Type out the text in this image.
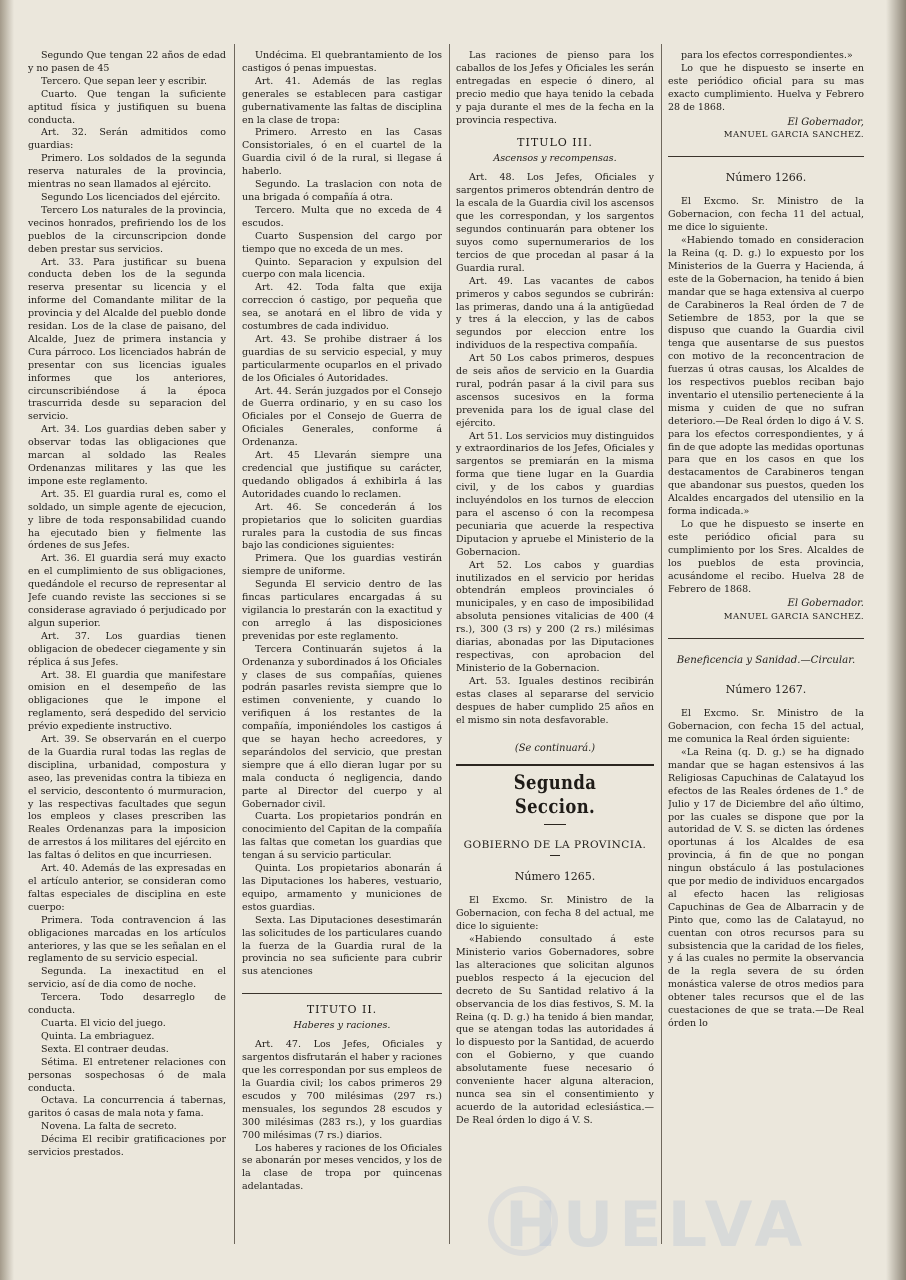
Segundo Que tengan 22 años de edad y no pasen de 45

Tercero. Que sepan leer y escribir.

Cuarto. Que tengan la suficiente aptitud física y justifiquen su buena conducta.

Art. 32. Serán admitidos como guardias:

Primero. Los soldados de la segunda reserva naturales de la provincia, mientras no sean llamados al ejército.

Segundo Los licenciados del ejército.

Tercero Los naturales de la provincia, vecinos honrados, prefiriendo los de los pueblos de la circunscripcion donde deben prestar sus servicios.

Art. 33. Para justificar su buena conducta deben los de la segunda reserva presentar su licencia y el informe del Comandante militar de la provincia y del Alcalde del pueblo donde residan. Los de la clase de paisano, del Alcalde, Juez de primera instancia y Cura párroco. Los licenciados habrán de presentar con sus licencias iguales informes que los anteriores, circunscribiéndose á la época trascurrida desde su separacion del servicio.

Art. 34. Los guardias deben saber y observar todas las obligaciones que marcan al soldado las Reales Ordenanzas militares y las que les impone este reglamento.

Art. 35. El guardia rural es, como el soldado, un simple agente de ejecucion, y libre de toda responsabilidad cuando ha ejecutado bien y fielmente las órdenes de sus Jefes.

Art. 36. El guardia será muy exacto en el cumplimiento de sus obligaciones, quedándole el recurso de representar al Jefe cuando reviste las secciones si se considerase agraviado ó perjudicado por algun superior.

Art. 37. Los guardias tienen obligacion de obedecer ciegamente y sin réplica á sus Jefes.

Art. 38. El guardia que manifestare omision en el desempeño de las obligaciones que le impone el reglamento, será despedido del servicio prévio expediente instructivo.

Art. 39. Se observarán en el cuerpo de la Guardia rural todas las reglas de disciplina, urbanidad, compostura y aseo, las prevenidas contra la tibieza en el servicio, descontento ó murmuracion, y las respectivas facultades que segun los empleos y clases prescriben las Reales Ordenanzas para la imposicion de arrestos á los militares del ejército en las faltas ó delitos en que incurriesen.

Art. 40. Además de las expresadas en el artículo anterior, se consideran como faltas especiales de disciplina en este cuerpo:

Primera. Toda contravencion á las obligaciones marcadas en los artículos anteriores, y las que se les señalan en el reglamento de su servicio especial.

Segunda. La inexactitud en el servicio, así de dia como de noche.

Tercera. Todo desarreglo de conducta.

Cuarta. El vicio del juego.

Quinta. La embriaguez.

Sexta. El contraer deudas.

Sétima. El entretener relaciones con personas sospechosas ó de mala conducta.

Octava. La concurrencia á tabernas, garitos ó casas de mala nota y fama.

Novena. La falta de secreto.

Décima El recibir gratificaciones por servicios prestados.

Undécima. El quebrantamiento de los castigos ó penas impuestas.

Art. 41. Además de las reglas generales se establecen para castigar gubernativamente las faltas de disciplina en la clase de tropa:

Primero. Arresto en las Casas Consistoriales, ó en el cuartel de la Guardia civil ó de la rural, si llegase á haberlo.

Segundo. La traslacion con nota de una brigada ó compañía á otra.

Tercero. Multa que no exceda de 4 escudos.

Cuarto Suspension del cargo por tiempo que no exceda de un mes.

Quinto. Separacion y expulsion del cuerpo con mala licencia.

Art. 42. Toda falta que exija correccion ó castigo, por pequeña que sea, se anotará en el libro de vida y costumbres de cada individuo.

Art. 43. Se prohibe distraer á los guardias de su servicio especial, y muy particularmente ocuparlos en el privado de los Oficiales ó Autoridades.

Art. 44. Serán juzgados por el Consejo de Guerra ordinario, y en su caso los Oficiales por el Consejo de Guerra de Oficiales Generales, conforme á Ordenanza.

Art. 45 Llevarán siempre una credencial que justifique su carácter, quedando obligados á exhibirla á las Autoridades cuando lo reclamen.

Art. 46. Se concederán á los propietarios que lo soliciten guardias rurales para la custodia de sus fincas bajo las condiciones siguientes:

Primera. Que los guardias vestirán siempre de uniforme.

Segunda El servicio dentro de las fincas particulares encargadas á su vigilancia lo prestarán con la exactitud y con arreglo á las disposiciones prevenidas por este reglamento.

Tercera Continuarán sujetos á la Ordenanza y subordinados á los Oficiales y clases de sus compañías, quienes podrán pasarles revista siempre que lo estimen conveniente, y cuando lo verifiquen á los restantes de la compañía, imponiéndoles los castigos á que se hayan hecho acreedores, y separándolos del servicio, que prestan siempre que á ello dieran lugar por su mala conducta ó negligencia, dando parte al Director del cuerpo y al Gobernador civil.

Cuarta. Los propietarios pondrán en conocimiento del Capitan de la compañía las faltas que cometan los guardias que tengan á su servicio particular.

Quinta. Los propietarios abonarán á las Diputaciones los haberes, vestuario, equipo, armamento y municiones de estos guardias.

Sexta. Las Diputaciones desestimarán las solicitudes de los particulares cuando la fuerza de la Guardia rural de la provincia no sea suficiente para cubrir sus atenciones

TITUTO II.
Haberes y raciones.

Art. 47. Los Jefes, Oficiales y sargentos disfrutarán el haber y raciones que les correspondan por sus empleos de la Guardia civil; los cabos primeros 29 escudos y 700 milésimas (297 rs.) mensuales, los segundos 28 escudos y 300 milésimas (283 rs.), y los guardias 700 milésimas (7 rs.) diarios.

Los haberes y raciones de los Oficiales se abonarán por meses vencidos, y los de la clase de tropa por quincenas adelantadas.

Las raciones de pienso para los caballos de los Jefes y Oficiales les serán entregadas en especie ó dinero, al precio medio que haya tenido la cebada y paja durante el mes de la fecha en la provincia respectiva.

TITULO III.
Ascensos y recompensas.

Art. 48. Los Jefes, Oficiales y sargentos primeros obtendrán dentro de la escala de la Guardia civil los ascensos que les correspondan, y los sargentos segundos continuarán para obtener los suyos como supernumerarios de los tercios de que procedan al pasar á la Guardia rural.

Art. 49. Las vacantes de cabos primeros y cabos segundos se cubrirán: las primeras, dando una á la antigüedad y tres á la eleccion, y las de cabos segundos por eleccion entre los individuos de la respectiva compañía.

Art 50 Los cabos primeros, despues de seis años de servicio en la Guardia rural, podrán pasar á la civil para sus ascensos sucesivos en la forma prevenida para los de igual clase del ejército.

Art 51. Los servicios muy distinguidos y extraordinarios de los Jefes, Oficiales y sargentos se premiarán en la misma forma que tiene lugar en la Guardia civil, y de los cabos y guardias incluyéndolos en los turnos de eleccion para el ascenso ó con la recompesa pecuniaria que acuerde la respectiva Diputacion y apruebe el Ministerio de la Gobernacion.

Art 52. Los cabos y guardias inutilizados en el servicio por heridas obtendrán empleos provinciales ó municipales, y en caso de imposibilidad absoluta pensiones vitalicias de 400 (4 rs.), 300 (3 rs) y 200 (2 rs.) milésimas diarias, abonadas por las Diputaciones respectivas, con aprobacion del Ministerio de la Gobernacion.

Art. 53. Iguales destinos recibirán estas clases al separarse del servicio despues de haber cumplido 25 años en el mismo sin nota desfavorable.

(Se continuará.)
Segunda Seccion.
GOBIERNO DE LA PROVINCIA.
Número 1265.

El Excmo. Sr. Ministro de la Gobernacion, con fecha 8 del actual, me dice lo siguiente:

«Habiendo consultado á este Ministerio varios Gobernadores, sobre las alteraciones que solicitan algunos pueblos respecto á la ejecucion del decreto de Su Santidad relativo á la observancia de los dias festivos, S. M. la Reina (q. D. g.) ha tenido á bien mandar, que se atengan todas las autoridades á lo dispuesto por la Santidad, de acuerdo con el Gobierno, y que cuando absolutamente fuese necesario ó conveniente hacer alguna alteracion, nunca sea sin el consentimiento y acuerdo de la autoridad eclesiástica.—De Real órden lo digo á V. S.

para los efectos correspondientes.»

Lo que he dispuesto se inserte en este periódico oficial para su mas exacto cumplimiento. Huelva y Febrero 28 de 1868.

El Gobernador,

MANUEL GARCIA SANCHEZ.

Número 1266.

El Excmo. Sr. Ministro de la Gobernacion, con fecha 11 del actual, me dice lo siguiente.

«Habiendo tomado en consideracion la Reina (q. D. g.) lo expuesto por los Ministerios de la Guerra y Hacienda, á este de la Gobernacion, ha tenido á bien mandar que se haga extensiva al cuerpo de Carabineros la Real órden de 7 de Setiembre de 1853, por la que se dispuso que cuando la Guardia civil tenga que ausentarse de sus puestos con motivo de la reconcentracion de fuerzas ú otras causas, los Alcaldes de los respectivos pueblos reciban bajo inventario el utensilio perteneciente á la misma y cuiden de que no sufran deterioro.—De Real órden lo digo á V. S. para los efectos correspondientes, y á fin de que adopte las medidas oportunas para que en los casos en que los destacamentos de Carabineros tengan que abandonar sus puestos, queden los Alcaldes encargados del utensilio en la forma indicada.»

Lo que he dispuesto se inserte en este periódico oficial para su cumplimiento por los Sres. Alcaldes de los pueblos de esta provincia, acusándome el recibo. Huelva 28 de Febrero de 1868.

El Gobernador.

MANUEL GARCIA SANCHEZ.

Beneficencia y Sanidad.—Circular.
Número 1267.

El Excmo. Sr. Ministro de la Gobernacion, con fecha 15 del actual, me comunica la Real órden siguiente:

«La Reina (q. D. g.) se ha dignado mandar que se hagan estensivos á las Religiosas Capuchinas de Calatayud los efectos de las Reales órdenes de 1.° de Julio y 17 de Diciembre del año último, por las cuales se dispone que por la autoridad de V. S. se dicten las órdenes oportunas á los Alcaldes de esa provincia, á fin de que no pongan ningun obstáculo á las postulaciones que por medio de individuos encargados al efecto hacen las religiosas Capuchinas de Gea de Albarracin y de Pinto que, como las de Calatayud, no cuentan con otros recursos para su subsistencia que la caridad de los fieles, y á las cuales no permite la observancia de la regla severa de su órden monástica valerse de otros medios para obtener tales recursos que el de las cuestaciones de que se trata.—De Real órden lo

HUELVA
